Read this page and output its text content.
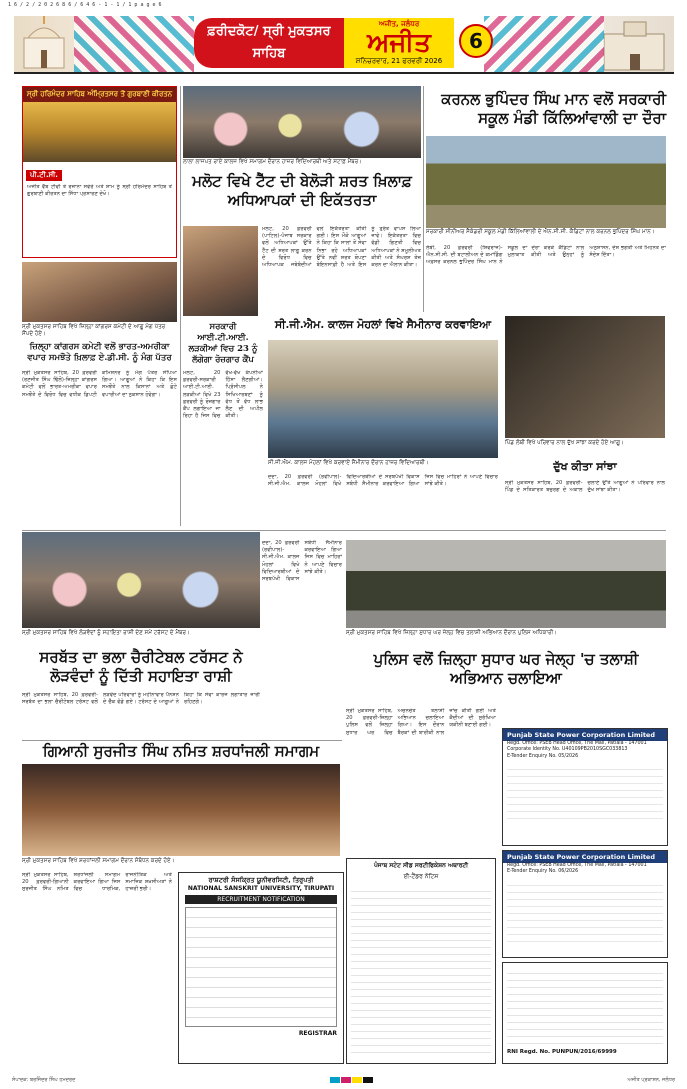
1 6 / 2 / 2 0 2 6 8 6 / 6 4 6 - 1 - 1 / 1 p a g e 6
ਫ਼ਰੀਦਕੋਟ/ ਸ੍ਰੀ ਮੁਕਤਸਰ ਸਾਹਿਬ
ਅਜੀਤ, ਜਲੰਧਰ
ਅਜੀਤ
ਸ਼ਨਿਚਰਵਾਰ, 21 ਫਰਵਰੀ 2026
6
ਸ੍ਰੀ ਹਰਿਮੰਦਰ ਸਾਹਿਬ ਅੰਮ੍ਰਿਤਸਰ ਤੋਂ ਗੁਰਬਾਣੀ ਕੀਰਤਨ
ਪੀ.ਟੀ.ਸੀ.
ਅਜੀਤ ਵੈੱਬ ਟੀਵੀ ਤੇ ਰੋਜ਼ਾਨਾ ਸਵੇਰੇ ਅਤੇ ਸ਼ਾਮ ਨੂੰ ਸ੍ਰੀ ਹਰਿਮੰਦਰ ਸਾਹਿਬ ਤੋਂ ਗੁਰਬਾਣੀ ਕੀਰਤਨ ਦਾ ਸਿੱਧਾ ਪ੍ਰਸਾਰਣ ਦੇਖੋ।
ਲਾਲਾ ਲਾਜਪਤ ਰਾਏ ਕਾਲਜ ਵਿਖੇ ਸਮਾਗਮ ਦੌਰਾਨ ਹਾਜ਼ਰ ਵਿਦਿਆਰਥੀ ਅਤੇ ਸਟਾਫ਼ ਮੈਂਬਰ।
ਮਲੋਟ ਵਿਖੇ ਟੈੱਟ ਦੀ ਬੇਲੋੜੀ ਸ਼ਰਤ ਖ਼ਿਲਾਫ਼ ਅਧਿਆਪਕਾਂ ਦੀ ਇਕੱਤਰਤਾ
ਮਲੋਟ, 20 ਫ਼ਰਵਰੀ (ਪਾਟਿਲ)-ਪੰਜਾਬ ਸਰਕਾਰ ਵਲੋਂ ਅਧਿਆਪਕਾਂ ਉੱਤੇ ਟੈੱਟ ਦੀ ਸ਼ਰਤ ਲਾਗੂ ਕਰਨ ਦੇ ਵਿਰੋਧ ਵਿਚ ਅਧਿਆਪਕ ਜਥੇਬੰਦੀਆਂ ਵਲੋਂ ਇਕੱਤਰਤਾ ਕੀਤੀ ਗਈ। ਇਸ ਮੌਕੇ ਆਗੂਆਂ ਨੇ ਕਿਹਾ ਕਿ ਸਾਲਾਂ ਤੋਂ ਸੇਵਾ ਨਿਭਾ ਰਹੇ ਅਧਿਆਪਕਾਂ ਉੱਤੇ ਨਵੀਂ ਸ਼ਰਤ ਥੋਪਣਾ ਬੇਇਨਸਾਫ਼ੀ ਹੈ ਅਤੇ ਇਸ ਨੂੰ ਤੁਰੰਤ ਵਾਪਸ ਲਿਆ ਜਾਵੇ। ਇਕੱਤਰਤਾ ਵਿਚ ਵੱਡੀ ਗਿਣਤੀ ਵਿਚ ਅਧਿਆਪਕਾਂ ਨੇ ਸ਼ਮੂਲੀਅਤ ਕੀਤੀ ਅਤੇ ਸੰਘਰਸ਼ ਤੇਜ਼ ਕਰਨ ਦਾ ਐਲਾਨ ਕੀਤਾ।
ਕਰਨਲ ਭੁਪਿੰਦਰ ਸਿੰਘ ਮਾਨ ਵਲੋਂ ਸਰਕਾਰੀ ਸਕੂਲ ਮੰਡੀ ਕਿੱਲਿਆਂਵਾਲੀ ਦਾ ਦੌਰਾ
ਸਰਕਾਰੀ ਸੀਨੀਅਰ ਸੈਕੰਡਰੀ ਸਕੂਲ ਮੰਡੀ ਕਿੱਲਿਆਂਵਾਲੀ ਦੇ ਐਨ.ਸੀ.ਸੀ. ਕੈਡਿਟਾਂ ਨਾਲ ਕਰਨਲ ਭੁਪਿੰਦਰ ਸਿੰਘ ਮਾਨ।
ਲੰਬੀ, 20 ਫ਼ਰਵਰੀ (ਸ਼ਿਵਰਾਜ)-ਐਨ.ਸੀ.ਸੀ. ਦੀ ਬਟਾਲੀਅਨ ਦੇ ਕਮਾਂਡਿੰਗ ਅਫ਼ਸਰ ਕਰਨਲ ਭੁਪਿੰਦਰ ਸਿੰਘ ਮਾਨ ਨੇ ਸਕੂਲ ਦਾ ਦੌਰਾ ਕਰਕੇ ਕੈਡਿਟਾਂ ਨਾਲ ਮੁਲਾਕਾਤ ਕੀਤੀ ਅਤੇ ਉਨ੍ਹਾਂ ਨੂੰ ਅਨੁਸ਼ਾਸਨ, ਦੇਸ਼ ਭਗਤੀ ਅਤੇ ਮਿਹਨਤ ਦਾ ਸੰਦੇਸ਼ ਦਿੱਤਾ।
ਸ੍ਰੀ ਮੁਕਤਸਰ ਸਾਹਿਬ ਵਿਖੇ ਜ਼ਿਲ੍ਹਾ ਕਾਂਗਰਸ ਕਮੇਟੀ ਦੇ ਆਗੂ ਮੰਗ ਪੱਤਰ ਸੌਂਪਦੇ ਹੋਏ।
ਜ਼ਿਲ੍ਹਾ ਕਾਂਗਰਸ ਕਮੇਟੀ ਵਲੋਂ ਭਾਰਤ-ਅਮਰੀਕਾ ਵਪਾਰ ਸਮਝੌਤੇ ਖ਼ਿਲਾਫ਼ ਏ.ਡੀ.ਸੀ. ਨੂੰ ਮੰਗ ਪੱਤਰ
ਸ੍ਰੀ ਮੁਕਤਸਰ ਸਾਹਿਬ, 20 ਫ਼ਰਵਰੀ (ਰਣਜੀਤ ਸਿੰਘ ਢਿੱਲੋਂ)-ਜ਼ਿਲ੍ਹਾ ਕਾਂਗਰਸ ਕਮੇਟੀ ਵਲੋਂ ਭਾਰਤ-ਅਮਰੀਕਾ ਵਪਾਰ ਸਮਝੌਤੇ ਦੇ ਵਿਰੋਧ ਵਿਚ ਵਧੀਕ ਡਿਪਟੀ ਕਮਿਸ਼ਨਰ ਨੂੰ ਮੰਗ ਪੱਤਰ ਸੌਂਪਿਆ ਗਿਆ। ਆਗੂਆਂ ਨੇ ਕਿਹਾ ਕਿ ਇਸ ਸਮਝੌਤੇ ਨਾਲ ਕਿਸਾਨਾਂ ਅਤੇ ਛੋਟੇ ਵਪਾਰੀਆਂ ਦਾ ਨੁਕਸਾਨ ਹੋਵੇਗਾ।
ਸਰਕਾਰੀ ਆਈ.ਟੀ.ਆਈ. ਲੜਕੀਆਂ ਵਿਚ 23 ਨੂੰ ਲੱਗੇਗਾ ਰੋਜ਼ਗਾਰ ਕੈਂਪ
ਮਲੋਟ, 20 ਫ਼ਰਵਰੀ-ਸਰਕਾਰੀ ਆਈ.ਟੀ.ਆਈ. ਲੜਕੀਆਂ ਵਿਖੇ 23 ਫ਼ਰਵਰੀ ਨੂੰ ਰੋਜ਼ਗਾਰ ਕੈਂਪ ਲਗਾਇਆ ਜਾ ਰਿਹਾ ਹੈ ਜਿਸ ਵਿਚ ਵੱਖ-ਵੱਖ ਕੰਪਨੀਆਂ ਹਿੱਸਾ ਲੈਣਗੀਆਂ। ਪ੍ਰਿੰਸੀਪਲ ਨੇ ਸਿਖਿਆਰਥਣਾਂ ਨੂੰ ਵੱਧ ਤੋਂ ਵੱਧ ਲਾਭ ਲੈਣ ਦੀ ਅਪੀਲ ਕੀਤੀ।
ਸੀ.ਜੀ.ਐਮ. ਕਾਲਜ ਮੋਹਲਾਂ ਵਿਖੇ ਸੈਮੀਨਾਰ ਕਰਵਾਇਆ
ਸੀ.ਜੀ.ਐਮ. ਕਾਲਜ ਮੋਹਲਾਂ ਵਿਖੇ ਕਰਵਾਏ ਸੈਮੀਨਾਰ ਦੌਰਾਨ ਹਾਜ਼ਰ ਵਿਦਿਆਰਥੀ।
ਦੋਦਾ, 20 ਫ਼ਰਵਰੀ (ਰਵੀਪਾਲ)-ਸੀ.ਜੀ.ਐਮ. ਕਾਲਜ ਮੋਹਲਾਂ ਵਿਖੇ ਵਿਦਿਆਰਥੀਆਂ ਦੇ ਸਰਬਪੱਖੀ ਵਿਕਾਸ ਸਬੰਧੀ ਸੈਮੀਨਾਰ ਕਰਵਾਇਆ ਗਿਆ ਜਿਸ ਵਿਚ ਮਾਹਿਰਾਂ ਨੇ ਆਪਣੇ ਵਿਚਾਰ ਸਾਂਝੇ ਕੀਤੇ।
ਪਿੰਡ ਲੰਬੀ ਵਿਖੇ ਪਰਿਵਾਰ ਨਾਲ ਦੁੱਖ ਸਾਂਝਾ ਕਰਦੇ ਹੋਏ ਆਗੂ।
ਦੁੱਖ ਕੀਤਾ ਸਾਂਝਾ
ਸ੍ਰੀ ਮੁਕਤਸਰ ਸਾਹਿਬ, 20 ਫ਼ਰਵਰੀ-ਪਿੰਡ ਦੇ ਸਤਿਕਾਰਤ ਬਜ਼ੁਰਗ ਦੇ ਅਕਾਲ ਚਲਾਣੇ ਉੱਤੇ ਆਗੂਆਂ ਨੇ ਪਰਿਵਾਰ ਨਾਲ ਦੁੱਖ ਸਾਂਝਾ ਕੀਤਾ।
ਸ੍ਰੀ ਮੁਕਤਸਰ ਸਾਹਿਬ ਵਿਖੇ ਲੋੜਵੰਦਾਂ ਨੂੰ ਸਹਾਇਤਾ ਰਾਸ਼ੀ ਦੇਣ ਸਮੇਂ ਟਰੱਸਟ ਦੇ ਮੈਂਬਰ।
ਸਰਬੱਤ ਦਾ ਭਲਾ ਚੈਰੀਟੇਬਲ ਟਰੱਸਟ ਨੇ ਲੋੜਵੰਦਾਂ ਨੂੰ ਦਿੱਤੀ ਸਹਾਇਤਾ ਰਾਸ਼ੀ
ਸ੍ਰੀ ਮੁਕਤਸਰ ਸਾਹਿਬ, 20 ਫ਼ਰਵਰੀ-ਸਰਬੱਤ ਦਾ ਭਲਾ ਚੈਰੀਟੇਬਲ ਟਰੱਸਟ ਵਲੋਂ ਲੋੜਵੰਦ ਪਰਿਵਾਰਾਂ ਨੂੰ ਮਹੀਨਾਵਾਰ ਪੈਨਸ਼ਨ ਦੇ ਚੈੱਕ ਵੰਡੇ ਗਏ। ਟਰੱਸਟ ਦੇ ਆਗੂਆਂ ਨੇ ਕਿਹਾ ਕਿ ਸੇਵਾ ਕਾਰਜ ਲਗਾਤਾਰ ਜਾਰੀ ਰਹਿਣਗੇ।
ਸ੍ਰੀ ਮੁਕਤਸਰ ਸਾਹਿਬ ਵਿਖੇ ਜ਼ਿਲ੍ਹਾ ਸੁਧਾਰ ਘਰ ਜੇਲ੍ਹ ਵਿਚ ਤਲਾਸ਼ੀ ਅਭਿਆਨ ਦੌਰਾਨ ਪੁਲਿਸ ਅਧਿਕਾਰੀ।
ਪੁਲਿਸ ਵਲੋਂ ਜ਼ਿਲ੍ਹਾ ਸੁਧਾਰ ਘਰ ਜੇਲ੍ਹ 'ਚ ਤਲਾਸ਼ੀ ਅਭਿਆਨ ਚਲਾਇਆ
ਸ੍ਰੀ ਮੁਕਤਸਰ ਸਾਹਿਬ, 20 ਫ਼ਰਵਰੀ-ਜ਼ਿਲ੍ਹਾ ਪੁਲਿਸ ਵਲੋਂ ਜ਼ਿਲ੍ਹਾ ਸੁਧਾਰ ਘਰ ਵਿਚ ਅਚਨਚੇਤ ਤਲਾਸ਼ੀ ਅਭਿਆਨ ਚਲਾਇਆ ਗਿਆ। ਇਸ ਦੌਰਾਨ ਬੈਰਕਾਂ ਦੀ ਬਾਰੀਕੀ ਨਾਲ ਜਾਂਚ ਕੀਤੀ ਗਈ ਅਤੇ ਕੈਦੀਆਂ ਦੀ ਸੁਰੱਖਿਆ ਯਕੀਨੀ ਬਣਾਈ ਗਈ।
ਦੋਦਾ, 20 ਫ਼ਰਵਰੀ (ਰਵੀਪਾਲ)-ਸੀ.ਜੀ.ਐਮ. ਕਾਲਜ ਮੋਹਲਾਂ ਵਿਖੇ ਵਿਦਿਆਰਥੀਆਂ ਦੇ ਸਰਬਪੱਖੀ ਵਿਕਾਸ ਸਬੰਧੀ ਸੈਮੀਨਾਰ ਕਰਵਾਇਆ ਗਿਆ ਜਿਸ ਵਿਚ ਮਾਹਿਰਾਂ ਨੇ ਆਪਣੇ ਵਿਚਾਰ ਸਾਂਝੇ ਕੀਤੇ।
ਗਿਆਨੀ ਸੁਰਜੀਤ ਸਿੰਘ ਨਮਿਤ ਸ਼ਰਧਾਂਜਲੀ ਸਮਾਗਮ
ਸ੍ਰੀ ਮੁਕਤਸਰ ਸਾਹਿਬ ਵਿਖੇ ਸ਼ਰਧਾਂਜਲੀ ਸਮਾਗਮ ਦੌਰਾਨ ਸੰਬੋਧਨ ਕਰਦੇ ਹੋਏ।
ਸ੍ਰੀ ਮੁਕਤਸਰ ਸਾਹਿਬ, 20 ਫ਼ਰਵਰੀ-ਗਿਆਨੀ ਸੁਰਜੀਤ ਸਿੰਘ ਨਮਿਤ ਸ਼ਰਧਾਂਜਲੀ ਸਮਾਗਮ ਕਰਵਾਇਆ ਗਿਆ ਜਿਸ ਵਿਚ ਧਾਰਮਿਕ, ਰਾਜਨੀਤਿਕ ਅਤੇ ਸਮਾਜਿਕ ਸ਼ਖ਼ਸੀਅਤਾਂ ਨੇ ਹਾਜ਼ਰੀ ਭਰੀ।
ਰਾਸ਼ਟਰੀ ਸੰਸਕ੍ਰਿਤ ਯੂਨੀਵਰਸਿਟੀ, ਤਿਰੁਪਤੀ
NATIONAL SANSKRIT UNIVERSITY, TIRUPATI
RECRUITMENT NOTIFICATION
REGISTRAR
ਪੰਜਾਬ ਸਟੇਟ ਸੀਡ ਸਰਟੀਫਿਕੇਸ਼ਨ ਅਥਾਰਟੀ
ਈ-ਟੈਂਡਰ ਨੋਟਿਸ
Punjab State Power Corporation Limited
Regd. Office: PSEB Head Office, The Mall, Patiala - 147001
Corporate Identity No. U40109PB2010SGC033813
E-Tender Enquiry No. 05/2026
Punjab State Power Corporation Limited
Regd. Office: PSEB Head Office, The Mall, Patiala - 147001
E-Tender Enquiry No. 06/2026
RNI Regd. No. PUNPUN/2016/69999
ਸੰਪਾਦਕ: ਬਰਜਿੰਦਰ ਸਿੰਘ ਹਮਦਰਦ	ਅਜੀਤ ਪ੍ਰਕਾਸ਼ਨ, ਜਲੰਧਰ
